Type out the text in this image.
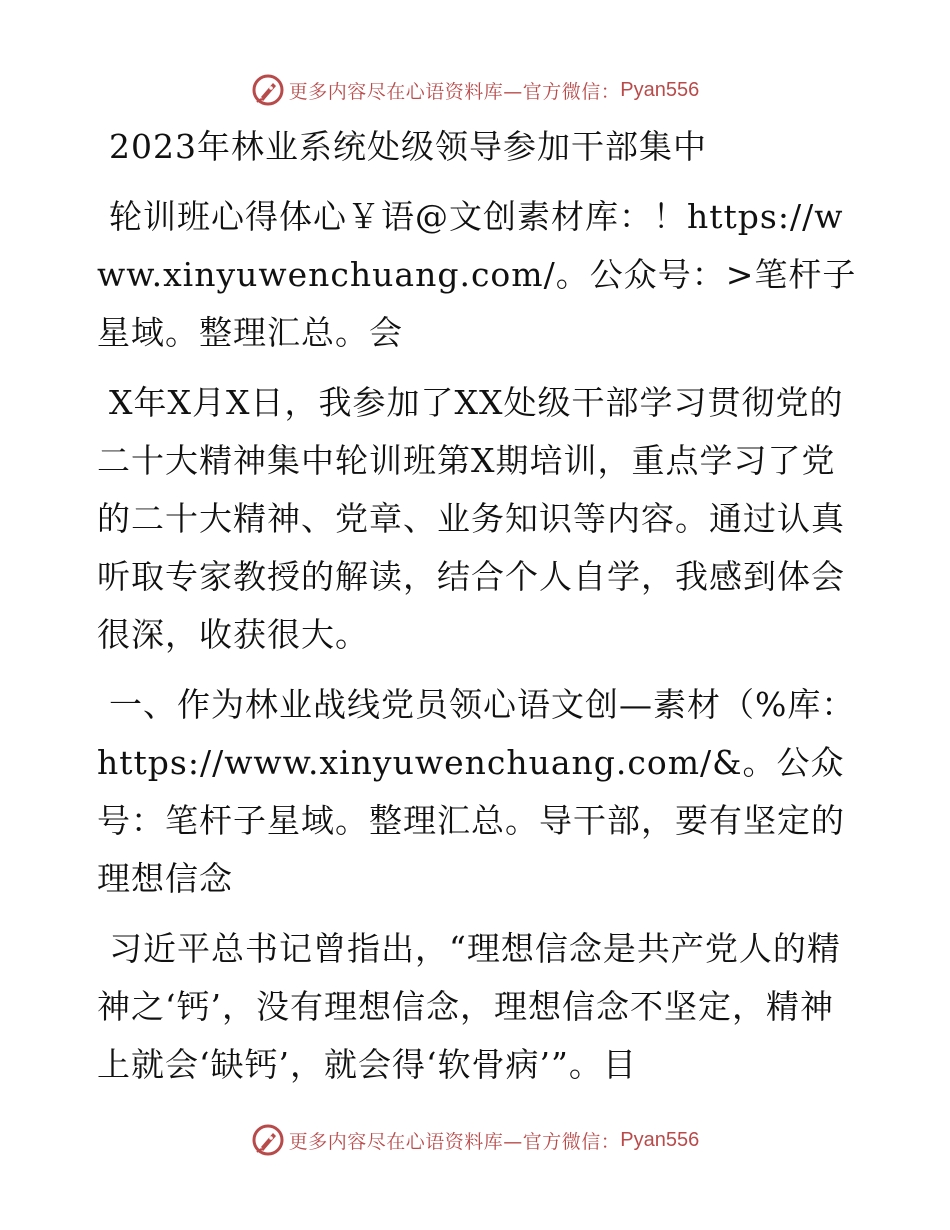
更多内容尽在心语资料库—官方微信： Pyan556

2023年林业系统处级领导参加干部集中

轮训班心得体心￥语@文创素材库：！https://www.xinyuwenchuang.com/。公众号：>笔杆子星域。整理汇总。会

X年X月X日，我参加了XX处级干部学习贯彻党的二十大精神集中轮训班第X期培训，重点学习了党的二十大精神、党章、业务知识等内容。通过认真听取专家教授的解读，结合个人自学，我感到体会很深，收获很大。

一、作为林业战线党员领心语文创—素材（%库：https://www.xinyuwenchuang.com/&。公众号：笔杆子星域。整理汇总。导干部，要有坚定的理想信念

习近平总书记曾指出，“理想信念是共产党人的精神之‘钙’，没有理想信念，理想信念不坚定，精神上就会‘缺钙’，就会得‘软骨病’”。目

更多内容尽在心语资料库—官方微信： Pyan556
